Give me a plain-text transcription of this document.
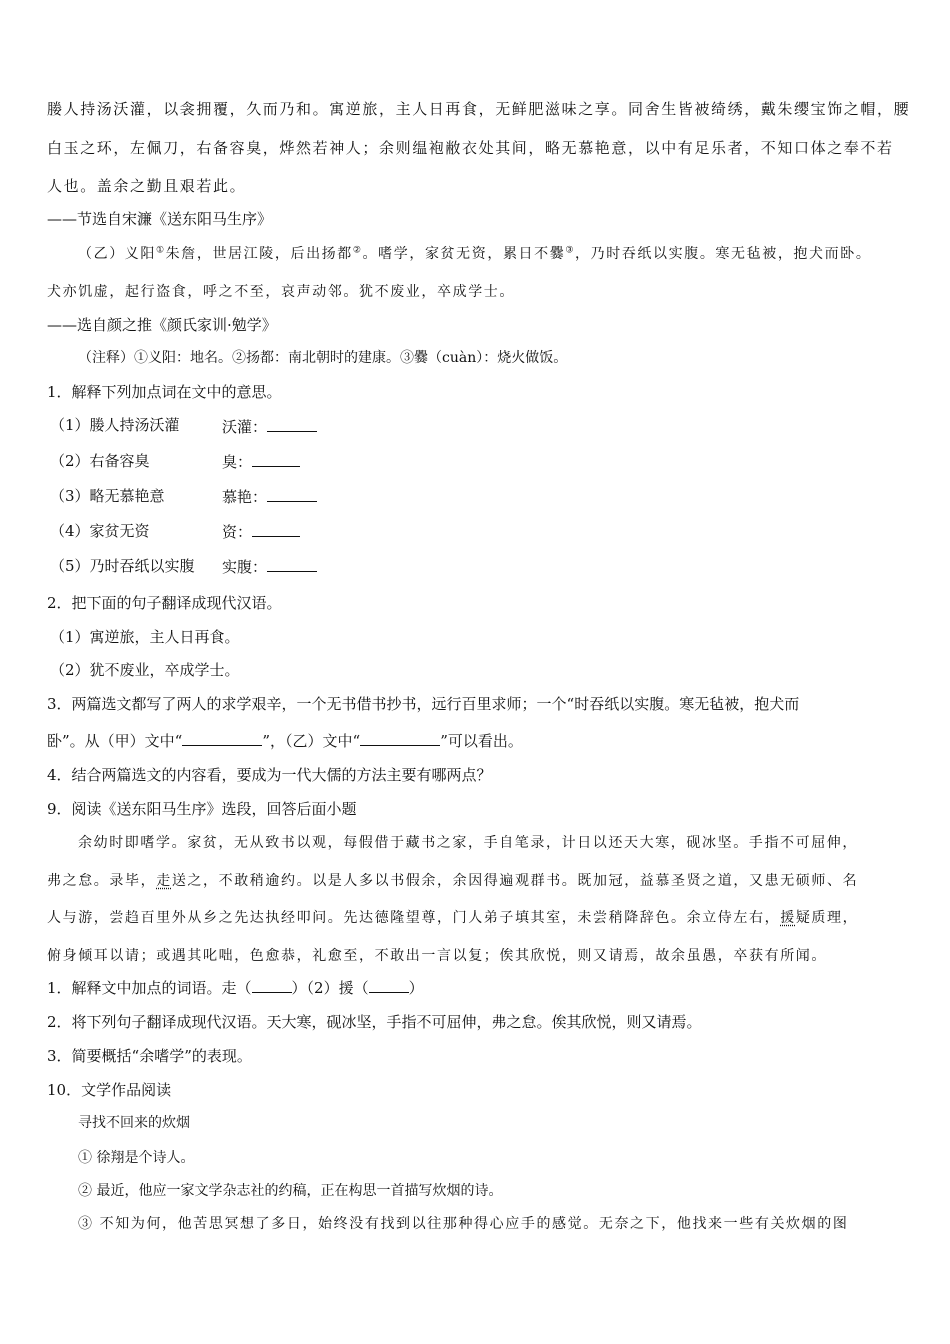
媵人持汤沃灌，以衾拥覆，久而乃和。寓逆旅，主人日再食，无鲜肥滋味之享。同舍生皆被绮绣，戴朱缨宝饰之帽，腰
白玉之环，左佩刀，右备容臭，烨然若神人；余则缊袍敝衣处其间，略无慕艳意，以中有足乐者，不知口体之奉不若
人也。盖余之勤且艰若此。
——节选自宋濂《送东阳马生序》
（乙）义阳①朱詹，世居江陵，后出扬都②。嗜学，家贫无资，累日不爨③，乃时吞纸以实腹。寒无毡被，抱犬而卧。
犬亦饥虚，起行盗食，呼之不至，哀声动邻。犹不废业，卒成学士。
——选自颜之推《颜氏家训·勉学》
（注释）①义阳：地名。②扬都：南北朝时的建康。③爨（cuàn）：烧火做饭。
1．解释下列加点词在文中的意思。
（1）媵人持汤沃灌	沃灌：
（2）右备容臭	臭：
（3）略无慕艳意	慕艳：
（4）家贫无资	资：
（5）乃时吞纸以实腹 实腹：
2．把下面的句子翻译成现代汉语。
（1）寓逆旅，主人日再食。
（2）犹不废业，卒成学士。
3．两篇选文都写了两人的求学艰辛，一个无书借书抄书，远行百里求师；一个“时吞纸以实腹。寒无毡被，抱犬而
卧”。从（甲）文中“	”，（乙）文中“	”可以看出。
4．结合两篇选文的内容看，要成为一代大儒的方法主要有哪两点？
9．阅读《送东阳马生序》选段，回答后面小题
余幼时即嗜学。家贫，无从致书以观，每假借于藏书之家，手自笔录，计日以还天大寒，砚冰坚。手指不可屈伸，
弗之怠。录毕，走送之，不敢稍逾约。以是人多以书假余，余因得遍观群书。既加冠，益慕圣贤之道，又患无硕师、名
人与游，尝趋百里外从乡之先达执经叩问。先达德隆望尊，门人弟子填其室，未尝稍降辞色。余立侍左右，援疑质理，
俯身倾耳以请；或遇其叱咄，色愈恭，礼愈至，不敢出一言以复；俟其欣悦，则又请焉，故余虽愚，卒获有所闻。
1．解释文中加点的词语。走（	）（2）援（	）
2．将下列句子翻译成现代汉语。天大寒，砚冰坚，手指不可屈伸，弗之怠。俟其欣悦，则又请焉。
3．简要概括“余嗜学”的表现。
10．文学作品阅读
寻找不回来的炊烟
① 徐翔是个诗人。
② 最近，他应一家文学杂志社的约稿，正在构思一首描写炊烟的诗。
③ 不知为何，他苦思冥想了多日，始终没有找到以往那种得心应手的感觉。无奈之下，他找来一些有关炊烟的图
